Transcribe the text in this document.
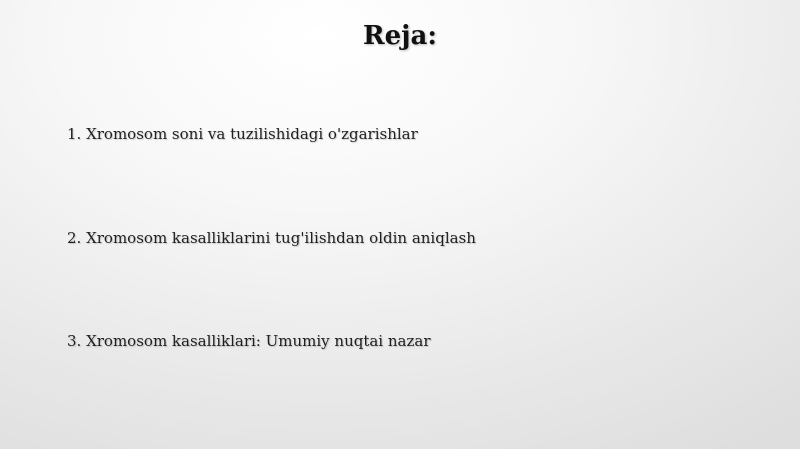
Reja:
1. Xromosom soni va tuzilishidagi o'zgarishlar
2. Xromosom kasalliklarini tug'ilishdan oldin aniqlash
3. Xromosom kasalliklari: Umumiy nuqtai nazar
